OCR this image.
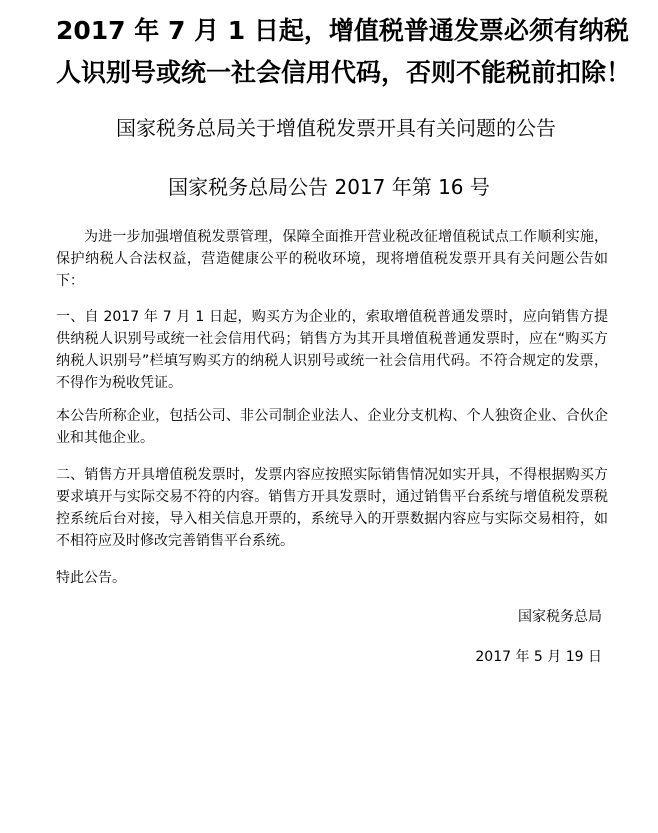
2017 年 7 月 1 日起，增值税普通发票必须有纳税人识别号或统一社会信用代码，否则不能税前扣除！

国家税务总局关于增值税发票开具有关问题的公告

国家税务总局公告 2017 年第 16 号

为进一步加强增值税发票管理，保障全面推开营业税改征增值税试点工作顺利实施，保护纳税人合法权益，营造健康公平的税收环境，现将增值税发票开具有关问题公告如下：

一、自 2017 年 7 月 1 日起，购买方为企业的，索取增值税普通发票时，应向销售方提供纳税人识别号或统一社会信用代码；销售方为其开具增值税普通发票时，应在“购买方纳税人识别号”栏填写购买方的纳税人识别号或统一社会信用代码。不符合规定的发票，不得作为税收凭证。

本公告所称企业，包括公司、非公司制企业法人、企业分支机构、个人独资企业、合伙企业和其他企业。

二、销售方开具增值税发票时，发票内容应按照实际销售情况如实开具，不得根据购买方要求填开与实际交易不符的内容。销售方开具发票时，通过销售平台系统与增值税发票税控系统后台对接，导入相关信息开票的，系统导入的开票数据内容应与实际交易相符，如不相符应及时修改完善销售平台系统。

特此公告。

国家税务总局

2017 年 5 月 19 日
